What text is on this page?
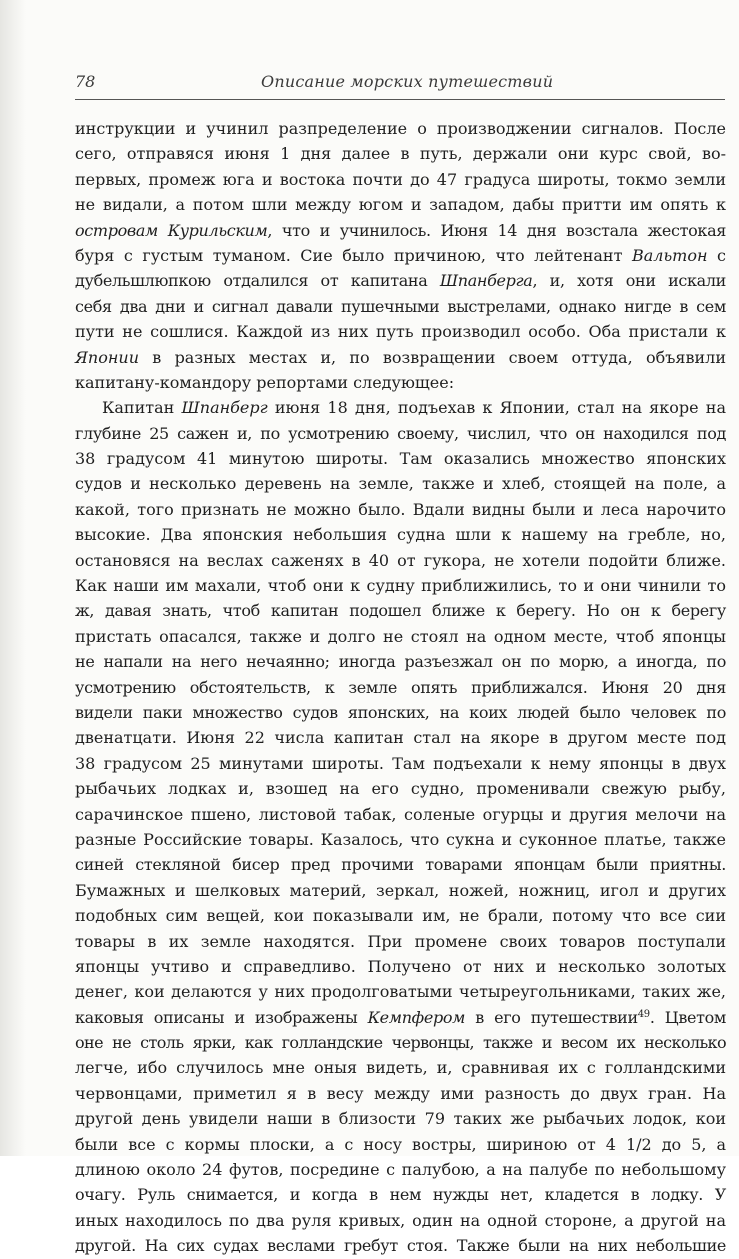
78	Описание морских путешествий
инструкции и учинил разпределение о производжении сигналов. После
сего, отправяся июня 1 дня далее в путь, держали они курс свой, во-
первых, промеж юга и востока почти до 47 градуса широты, токмо земли
не видали, а потом шли между югом и западом, дабы притти им опять к
островам Курильским, что и учинилось. Июня 14 дня возстала жестокая
буря с густым туманом. Сие было причиною, что лейтенант Вальтон с
дубельшлюпкою отдалился от капитана Шпанберга, и, хотя они искали
себя два дни и сигнал давали пушечными выстрелами, однако нигде в сем
пути не сошлися. Каждой из них путь производил особо. Оба пристали к
Японии в разных местах и, по возвращении своем оттуда, объявили
капитану-командору репортами следующее:
Капитан Шпанберг июня 18 дня, подъехав к Японии, стал на якоре на
глубине 25 сажен и, по усмотрению своему, числил, что он находился под
38 градусом 41 минутою широты. Там оказались множество японских
судов и несколько деревень на земле, также и хлеб, стоящей на поле, а
какой, того признать не можно было. Вдали видны были и леса нарочито
высокие. Два японския небольшия судна шли к нашему на гребле, но,
остановяся на веслах саженях в 40 от гукора, не хотели подойти ближе.
Как наши им махали, чтоб они к судну приближились, то и они чинили то
ж, давая знать, чтоб капитан подошел ближе к берегу. Но он к берегу
пристать опасался, также и долго не стоял на одном месте, чтоб японцы
не напали на него нечаянно; иногда разъезжал он по морю, а иногда, по
усмотрению обстоятельств, к земле опять приближался. Июня 20 дня
видели паки множество судов японских, на коих людей было человек по
двенатцати. Июня 22 числа капитан стал на якоре в другом месте под
38 градусом 25 минутами широты. Там подъехали к нему японцы в двух
рыбачьих лодках и, взошед на его судно, променивали свежую рыбу,
сарачинское пшено, листовой табак, соленые огурцы и другия мелочи на
разные Российские товары. Казалось, что сукна и суконное платье, также
синей стекляной бисер пред прочими товарами японцам были приятны.
Бумажных и шелковых материй, зеркал, ножей, ножниц, игол и других
подобных сим вещей, кои показывали им, не брали, потому что все сии
товары в их земле находятся. При промене своих товаров поступали
японцы учтиво и справедливо. Получено от них и несколько золотых
денег, кои делаются у них продолговатыми четыреугольниками, таких же,
каковыя описаны и изображены Кемпфером в его путешествии$^{49}$. Цветом
оне не столь ярки, как голландские червонцы, также и весом их несколько
легче, ибо случилось мне оныя видеть, и, сравнивая их с голландскими
червонцами, приметил я в весу между ими разность до двух гран. На
другой день увидели наши в близости 79 таких же рыбачьих лодок, кои
были все с кормы плоски, а с носу востры, шириною от 4 1/2 до 5, а
длиною около 24 футов, посредине с палубою, а на палубе по небольшому
очагу. Руль снимается, и когда в нем нужды нет, кладется в лодку. У
иных находилось по два руля кривых, один на одной стороне, а другой на
другой. На сих судах веслами гребут стоя. Также были на них небольшие
